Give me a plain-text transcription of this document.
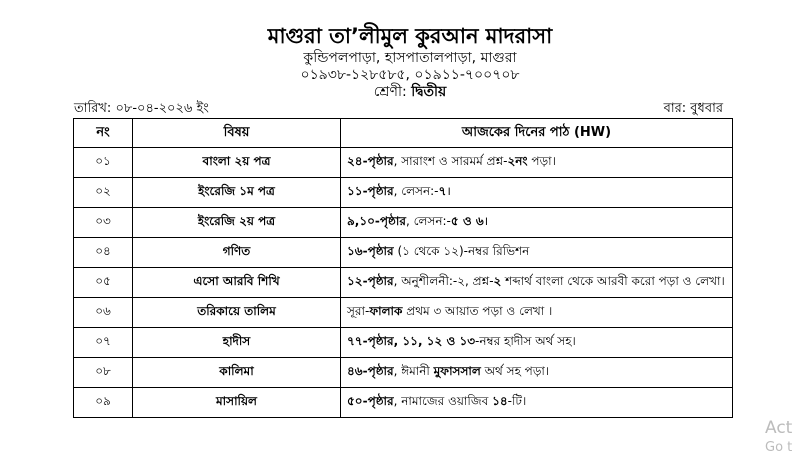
মাগুরা তা’লীমুল কুরআন মাদরাসা
কুন্ডিপলপাড়া, হাসপাতালপাড়া, মাগুরা
০১৯৩৮-১২৮৫৮৫, ০১৯১১-৭০০৭০৮
শ্রেণী: দ্বিতীয়
তারিখ: ০৮-০৪-২০২৬ ইং	বার: বুধবার
নং	বিষয়	আজকের দিনের পাঠ (HW)
০১	বাংলা ২য় পত্র	২৪-পৃষ্ঠার, সারাংশ ও সারমর্ম প্রশ্ন-২নং পড়া।
০২	ইংরেজি ১ম পত্র	১১-পৃষ্ঠার, লেসন:-৭।
০৩	ইংরেজি ২য় পত্র	৯,১০-পৃষ্ঠার, লেসন:-৫ ও ৬।
০৪	গণিত	১৬-পৃষ্ঠার (১ থেকে ১২)-নম্বর রিভিশন
০৫	এসো আরবি শিখি	১২-পৃষ্ঠার, অনুশীলনী:-২, প্রশ্ন-২ শব্দার্থ বাংলা থেকে আরবী করো পড়া ও লেখা।
০৬	তরিকায়ে তালিম	সূরা-ফালাক প্রথম ৩ আয়াত পড়া ও লেখা ।
০৭	হাদীস	৭৭-পৃষ্ঠার, ১১, ১২ ও ১৩-নম্বর হাদীস অর্থ সহ।
০৮	কালিমা	৪৬-পৃষ্ঠার, ঈমানী মুফাসসাল অর্থ সহ পড়া।
০৯	মাসায়িল	৫০-পৃষ্ঠার, নামাজের ওয়াজিব ১৪-টি।
Act
Go t
